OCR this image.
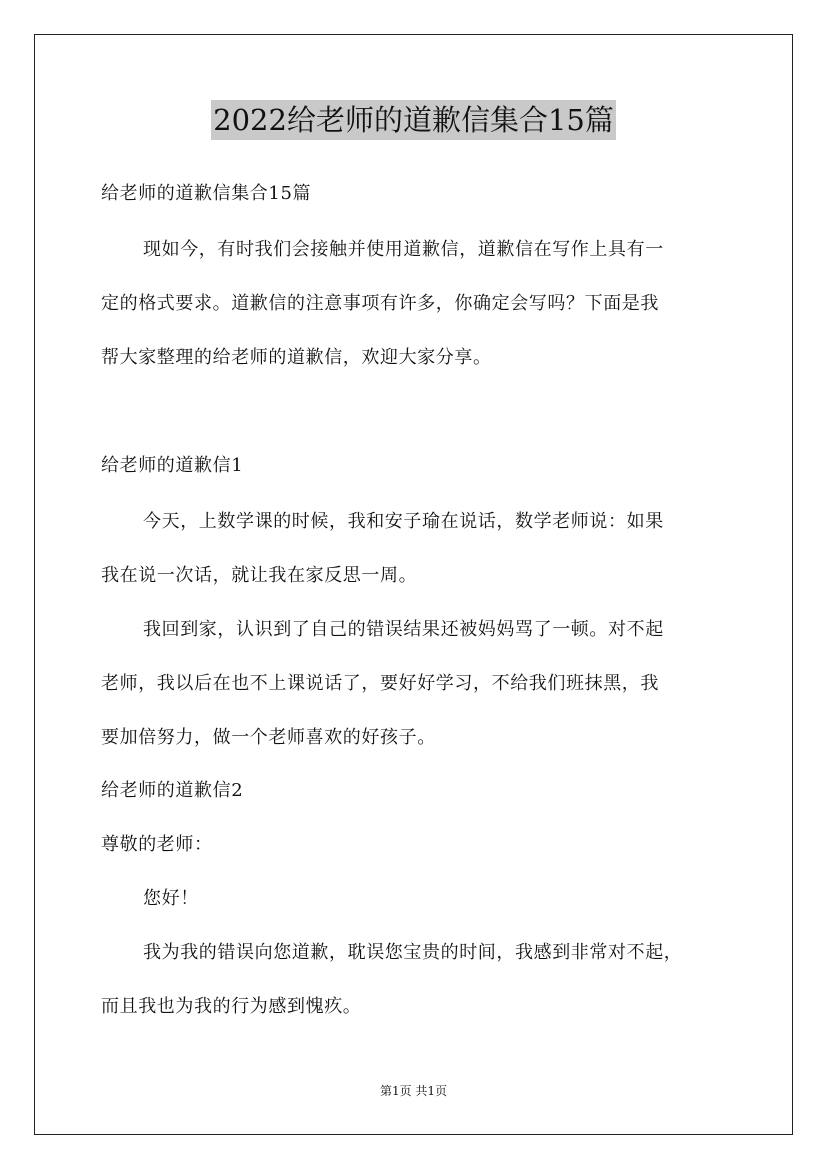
2022给老师的道歉信集合15篇
给老师的道歉信集合15篇
现如今，有时我们会接触并使用道歉信，道歉信在写作上具有一
定的格式要求。道歉信的注意事项有许多，你确定会写吗？下面是我
帮大家整理的给老师的道歉信，欢迎大家分享。
给老师的道歉信1
今天，上数学课的时候，我和安子瑜在说话，数学老师说：如果
我在说一次话，就让我在家反思一周。
我回到家，认识到了自己的错误结果还被妈妈骂了一顿。对不起
老师，我以后在也不上课说话了，要好好学习，不给我们班抹黑，我
要加倍努力，做一个老师喜欢的好孩子。
给老师的道歉信2
尊敬的老师：
您好！
我为我的错误向您道歉，耽误您宝贵的时间，我感到非常对不起，
而且我也为我的行为感到愧疚。
第1页 共1页
